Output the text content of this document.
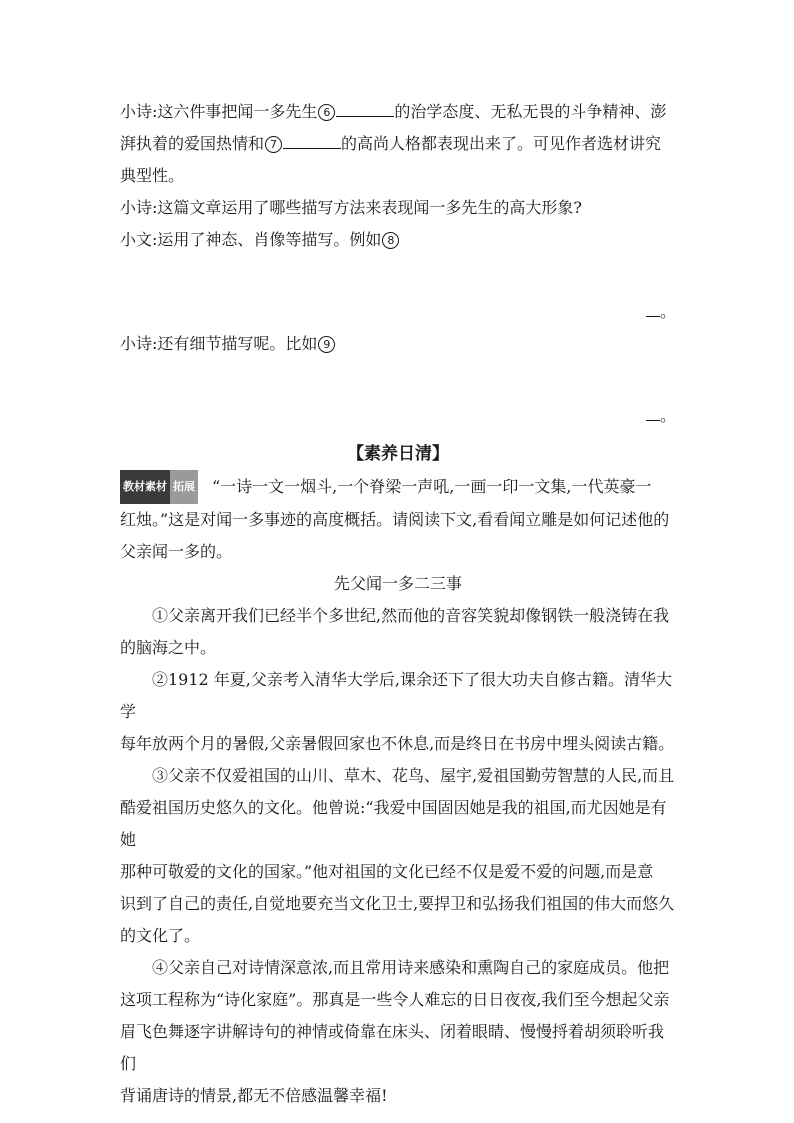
小诗:这六件事把闻一多先生 6	的治学态度、无私无畏的斗争精神、澎
湃执着的爱国热情和 7	的高尚人格都表现出来了。可见作者选材讲究
典型性。
小诗:这篇文章运用了哪些描写方法来表现闻一多先生的高大形象?
小文:运用了神态、肖像等描写。例如 8
。
小诗:还有细节描写呢。比如 9
。
【素养日清】
教材素材 拓展 “一诗一文一烟斗,一个脊梁一声吼,一画一印一文集,一代英豪一
红烛。”这是对闻一多事迹的高度概括。请阅读下文,看看闻立雕是如何记述他的
父亲闻一多的。
先父闻一多二三事
①父亲离开我们已经半个多世纪,然而他的音容笑貌却像钢铁一般浇铸在我
的脑海之中。
②1912 年夏,父亲考入清华大学后,课余还下了很大功夫自修古籍。清华大学
每年放两个月的暑假,父亲暑假回家也不休息,而是终日在书房中埋头阅读古籍。
③父亲不仅爱祖国的山川、草木、花鸟、屋宇,爱祖国勤劳智慧的人民,而且
酷爱祖国历史悠久的文化。他曾说:“我爱中国固因她是我的祖国,而尤因她是有她
那种可敬爱的文化的国家。”他对祖国的文化已经不仅是爱不爱的问题,而是意
识到了自己的责任,自觉地要充当文化卫士,要捍卫和弘扬我们祖国的伟大而悠久
的文化了。
④父亲自己对诗情深意浓,而且常用诗来感染和熏陶自己的家庭成员。他把
这项工程称为“诗化家庭”。那真是一些令人难忘的日日夜夜,我们至今想起父亲
眉飞色舞逐字讲解诗句的神情或倚靠在床头、闭着眼睛、慢慢捋着胡须聆听我们
背诵唐诗的情景,都无不倍感温馨幸福!
